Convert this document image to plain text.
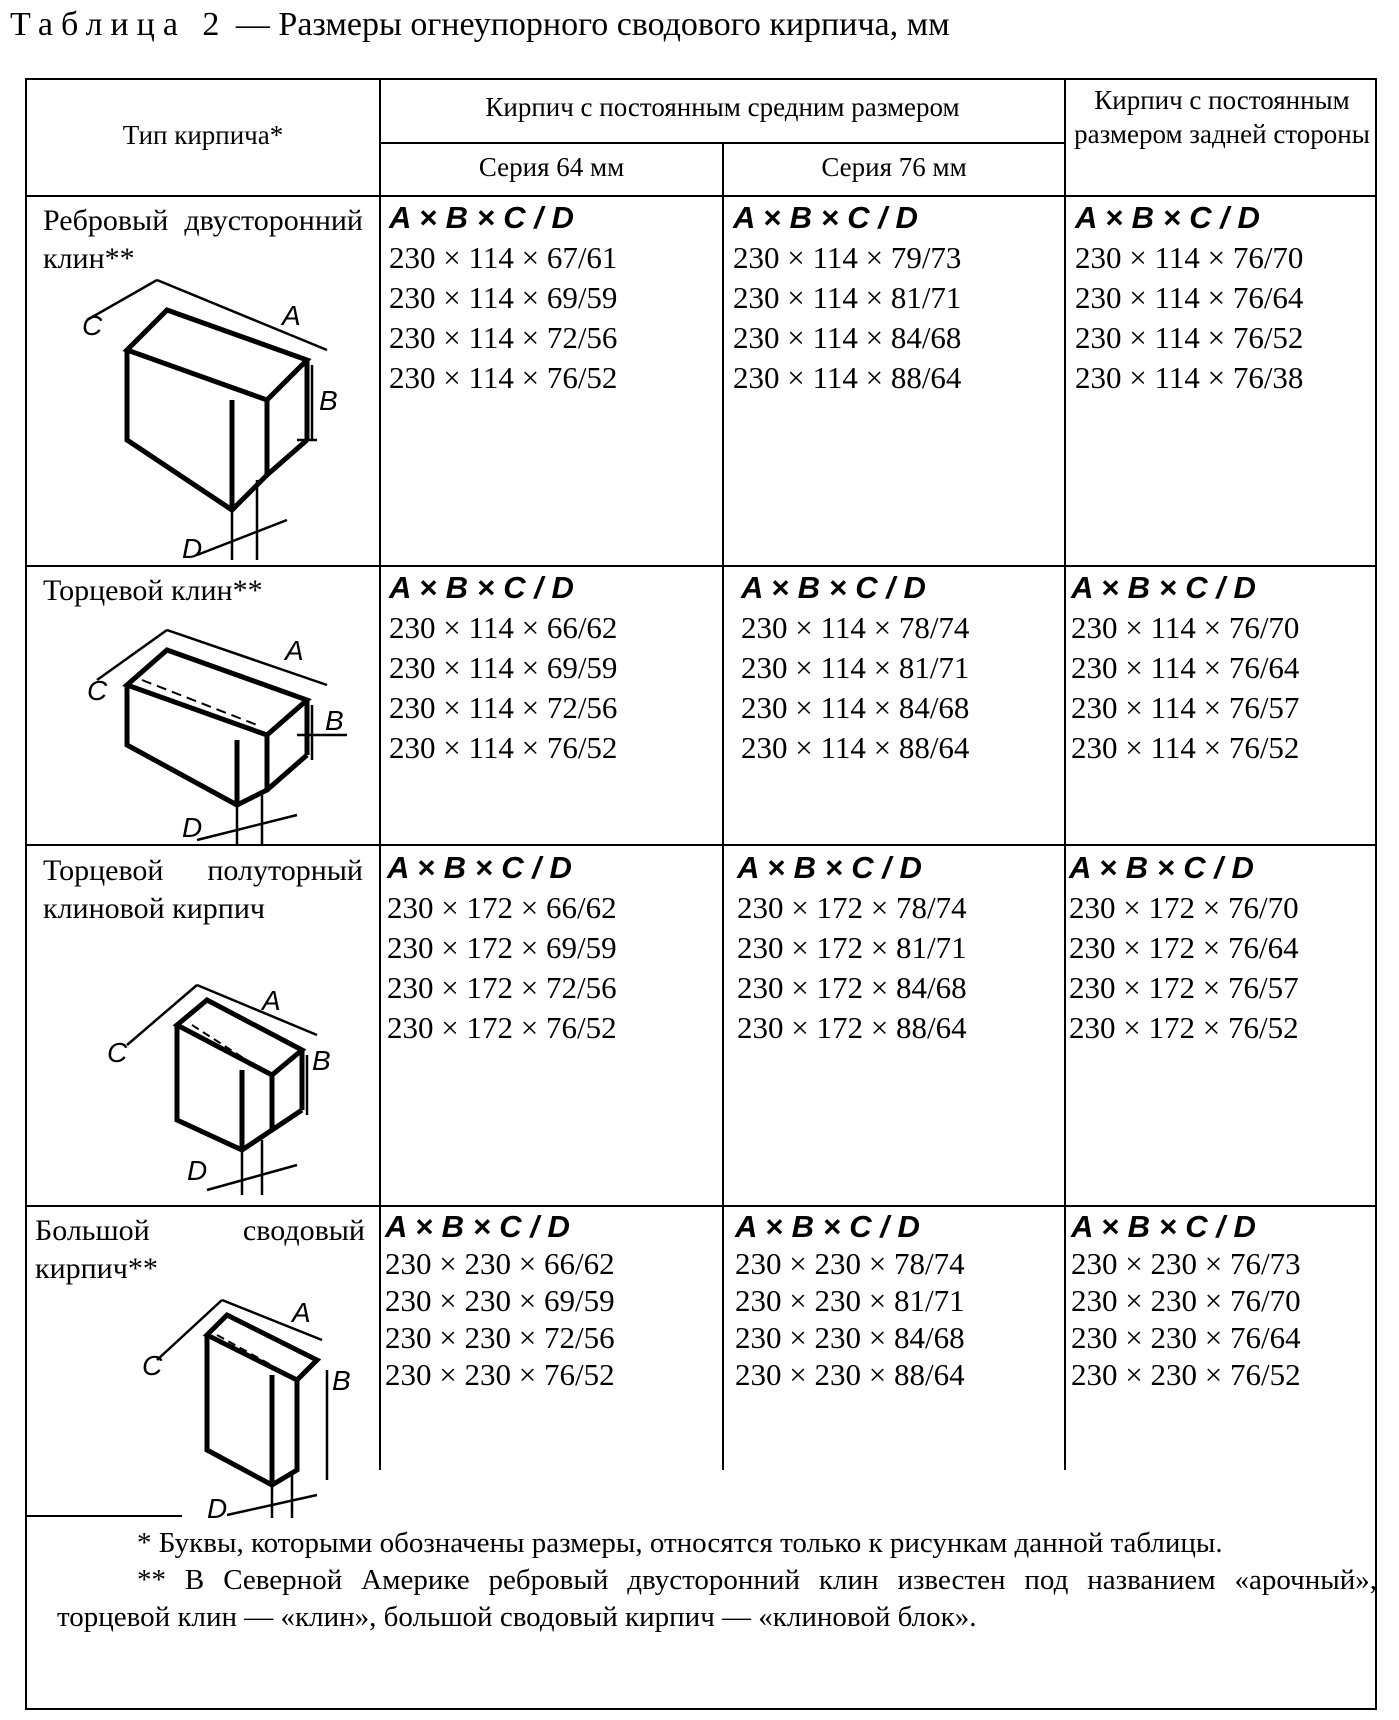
Таблица 2 — Размеры огнеупорного сводового кирпича, мм
Тип кирпича*
Кирпич с постоянным средним размером
Серия 64 мм	Серия 76 мм
Кирпич с постоянным размером задней стороны
Ребровый двусторонний клин**
C	A
B
D
A × B × C / D
230 × 114 × 67/61
230 × 114 × 69/59
230 × 114 × 72/56
230 × 114 × 76/52
A × B × C / D
230 × 114 × 79/73
230 × 114 × 81/71
230 × 114 × 84/68
230 × 114 × 88/64
A × B × C / D
230 × 114 × 76/70
230 × 114 × 76/64
230 × 114 × 76/52
230 × 114 × 76/38
Торцевой клин**
C
A
B
D
A × B × C / D
230 × 114 × 66/62
230 × 114 × 69/59
230 × 114 × 72/56
230 × 114 × 76/52
A × B × C / D
230 × 114 × 78/74
230 × 114 × 81/71
230 × 114 × 84/68
230 × 114 × 88/64
A × B × C / D
230 × 114 × 76/70
230 × 114 × 76/64
230 × 114 × 76/57
230 × 114 × 76/52
Торцевой полуторный клиновой кирпич
C
A
B
D
A × B × C / D
230 × 172 × 66/62
230 × 172 × 69/59
230 × 172 × 72/56
230 × 172 × 76/52
A × B × C / D
230 × 172 × 78/74
230 × 172 × 81/71
230 × 172 × 84/68
230 × 172 × 88/64
A × B × C / D
230 × 172 × 76/70
230 × 172 × 76/64
230 × 172 × 76/57
230 × 172 × 76/52
Большой сводовый кирпич**
C
A
B
D
A × B × C / D
230 × 230 × 66/62
230 × 230 × 69/59
230 × 230 × 72/56
230 × 230 × 76/52
A × B × C / D
230 × 230 × 78/74
230 × 230 × 81/71
230 × 230 × 84/68
230 × 230 × 88/64
A × B × C / D
230 × 230 × 76/73
230 × 230 × 76/70
230 × 230 × 76/64
230 × 230 × 76/52

* Буквы, которыми обозначены размеры, относятся только к рисункам данной таблицы.

** В Северной Америке ребровый двусторонний клин известен под названием «арочный», торцевой клин — «клин», большой сводовый кирпич — «клиновой блок».
